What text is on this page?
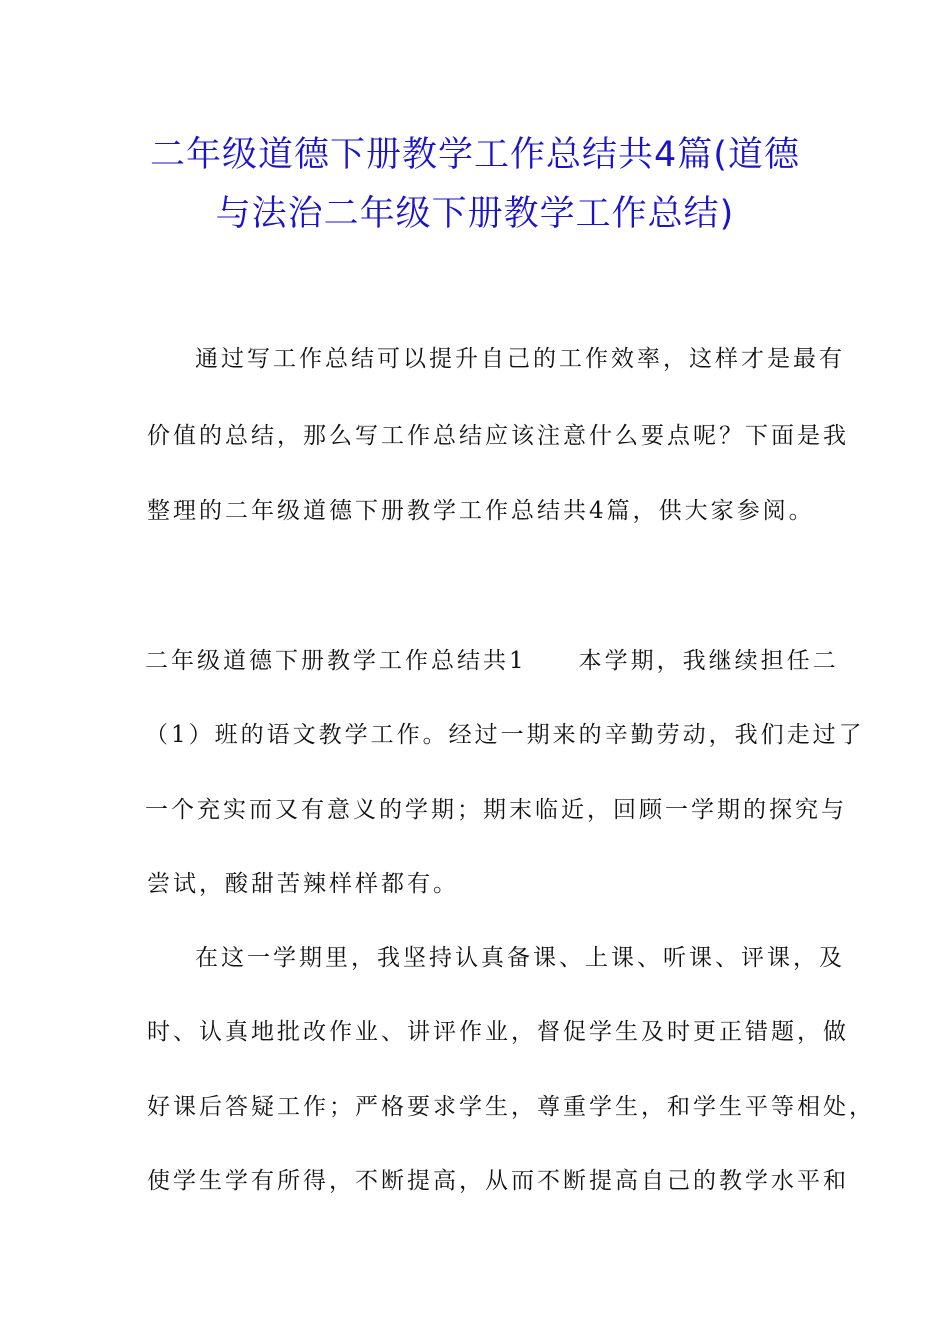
二年级道德下册教学工作总结共4篇(道德
与法治二年级下册教学工作总结)
通过写工作总结可以提升自己的工作效率，这样才是最有
价值的总结，那么写工作总结应该注意什么要点呢？下面是我
整理的二年级道德下册教学工作总结共4篇，供大家参阅。
二年级道德下册教学工作总结共1　　本学期，我继续担任二
（1）班的语文教学工作。经过一期来的辛勤劳动，我们走过了
一个充实而又有意义的学期；期末临近，回顾一学期的探究与
尝试，酸甜苦辣样样都有。
在这一学期里，我坚持认真备课、上课、听课、评课，及
时、认真地批改作业、讲评作业，督促学生及时更正错题，做
好课后答疑工作；严格要求学生，尊重学生，和学生平等相处，
使学生学有所得，不断提高，从而不断提高自己的教学水平和
